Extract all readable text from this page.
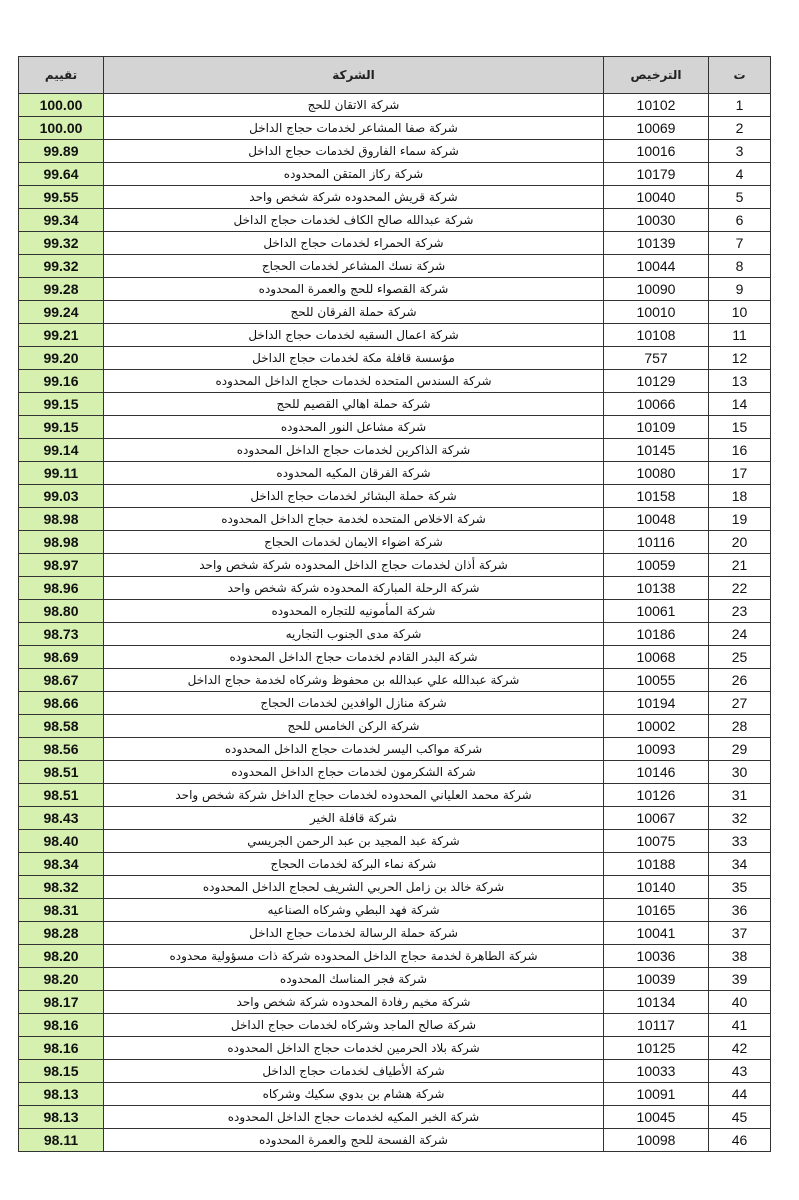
تقييم	الشركة	الترخيص	ت
100.00	شركة الاتقان للحج	10102	1
100.00	شركة صفا المشاعر لخدمات حجاج الداخل	10069	2
99.89	شركة سماء الفاروق لخدمات حجاج الداخل	10016	3
99.64	شركة ركاز المتقن المحدوده	10179	4
99.55	شركة قريش المحدوده شركة شخص واحد	10040	5
99.34	شركة عبدالله صالح الكاف لخدمات حجاج الداخل	10030	6
99.32	شركة الحمراء لخدمات حجاج الداخل	10139	7
99.32	شركة نسك المشاعر لخدمات الحجاج	10044	8
99.28	شركة القصواء للحج والعمرة المحدوده	10090	9
99.24	شركة حملة الفرقان للحج	10010	10
99.21	شركة اعمال السقيه لخدمات حجاج الداخل	10108	11
99.20	مؤسسة قافلة مكة لخدمات حجاج الداخل	757	12
99.16	شركة السندس المتحده لخدمات حجاج الداخل المحدوده	10129	13
99.15	شركة حملة اهالي القصيم للحج	10066	14
99.15	شركة مشاعل النور المحدوده	10109	15
99.14	شركة الذاكرين لخدمات حجاج الداخل المحدوده	10145	16
99.11	شركة الفرقان المكيه المحدوده	10080	17
99.03	شركة حملة البشائر لخدمات حجاج الداخل	10158	18
98.98	شركة الاخلاص المتحده لخدمة حجاج الداخل المحدوده	10048	19
98.98	شركة اضواء الايمان لخدمات الحجاج	10116	20
98.97	شركة أذان لخدمات حجاج الداخل المحدوده شركة شخص واحد	10059	21
98.96	شركة الرحلة المباركة المحدوده شركة شخص واحد	10138	22
98.80	شركة المأمونيه للتجاره المحدوده	10061	23
98.73	شركة مدى الجنوب التجاريه	10186	24
98.69	شركة البدر القادم لخدمات حجاج الداخل المحدوده	10068	25
98.67	شركة عبدالله علي عبدالله بن محفوظ وشركاه لخدمة حجاج الداخل	10055	26
98.66	شركة منازل الوافدين لخدمات الحجاج	10194	27
98.58	شركة الركن الخامس للحج	10002	28
98.56	شركة مواكب اليسر لخدمات حجاج الداخل المحدوده	10093	29
98.51	شركة الشكرمون لخدمات حجاج الداخل المحدوده	10146	30
98.51	شركة محمد العلياني المحدوده لخدمات حجاج الداخل شركة شخص واحد	10126	31
98.43	شركة قافلة الخير	10067	32
98.40	شركة عبد المجيد بن عبد الرحمن الجريسي	10075	33
98.34	شركة نماء البركة لخدمات الحجاج	10188	34
98.32	شركة خالد بن زامل الحربي الشريف لحجاج الداخل المحدوده	10140	35
98.31	شركة فهد البطي وشركاه الصناعيه	10165	36
98.28	شركة حملة الرسالة لخدمات حجاج الداخل	10041	37
98.20	شركة الطاهرة لخدمة حجاج الداخل المحدوده شركة ذات مسؤولية محدوده	10036	38
98.20	شركة فجر المناسك المحدوده	10039	39
98.17	شركة مخيم رفادة المحدوده شركة شخص واحد	10134	40
98.16	شركة صالح الماجد وشركاه لخدمات حجاج الداخل	10117	41
98.16	شركة بلاد الحرمين لخدمات حجاج الداخل المحدوده	10125	42
98.15	شركة الأطياف لخدمات حجاج الداخل	10033	43
98.13	شركة هشام بن بدوي سكيك وشركاه	10091	44
98.13	شركة الخبر المكيه لخدمات حجاج الداخل المحدوده	10045	45
98.11	شركة الفسحة للحج والعمرة المحدوده	10098	46
